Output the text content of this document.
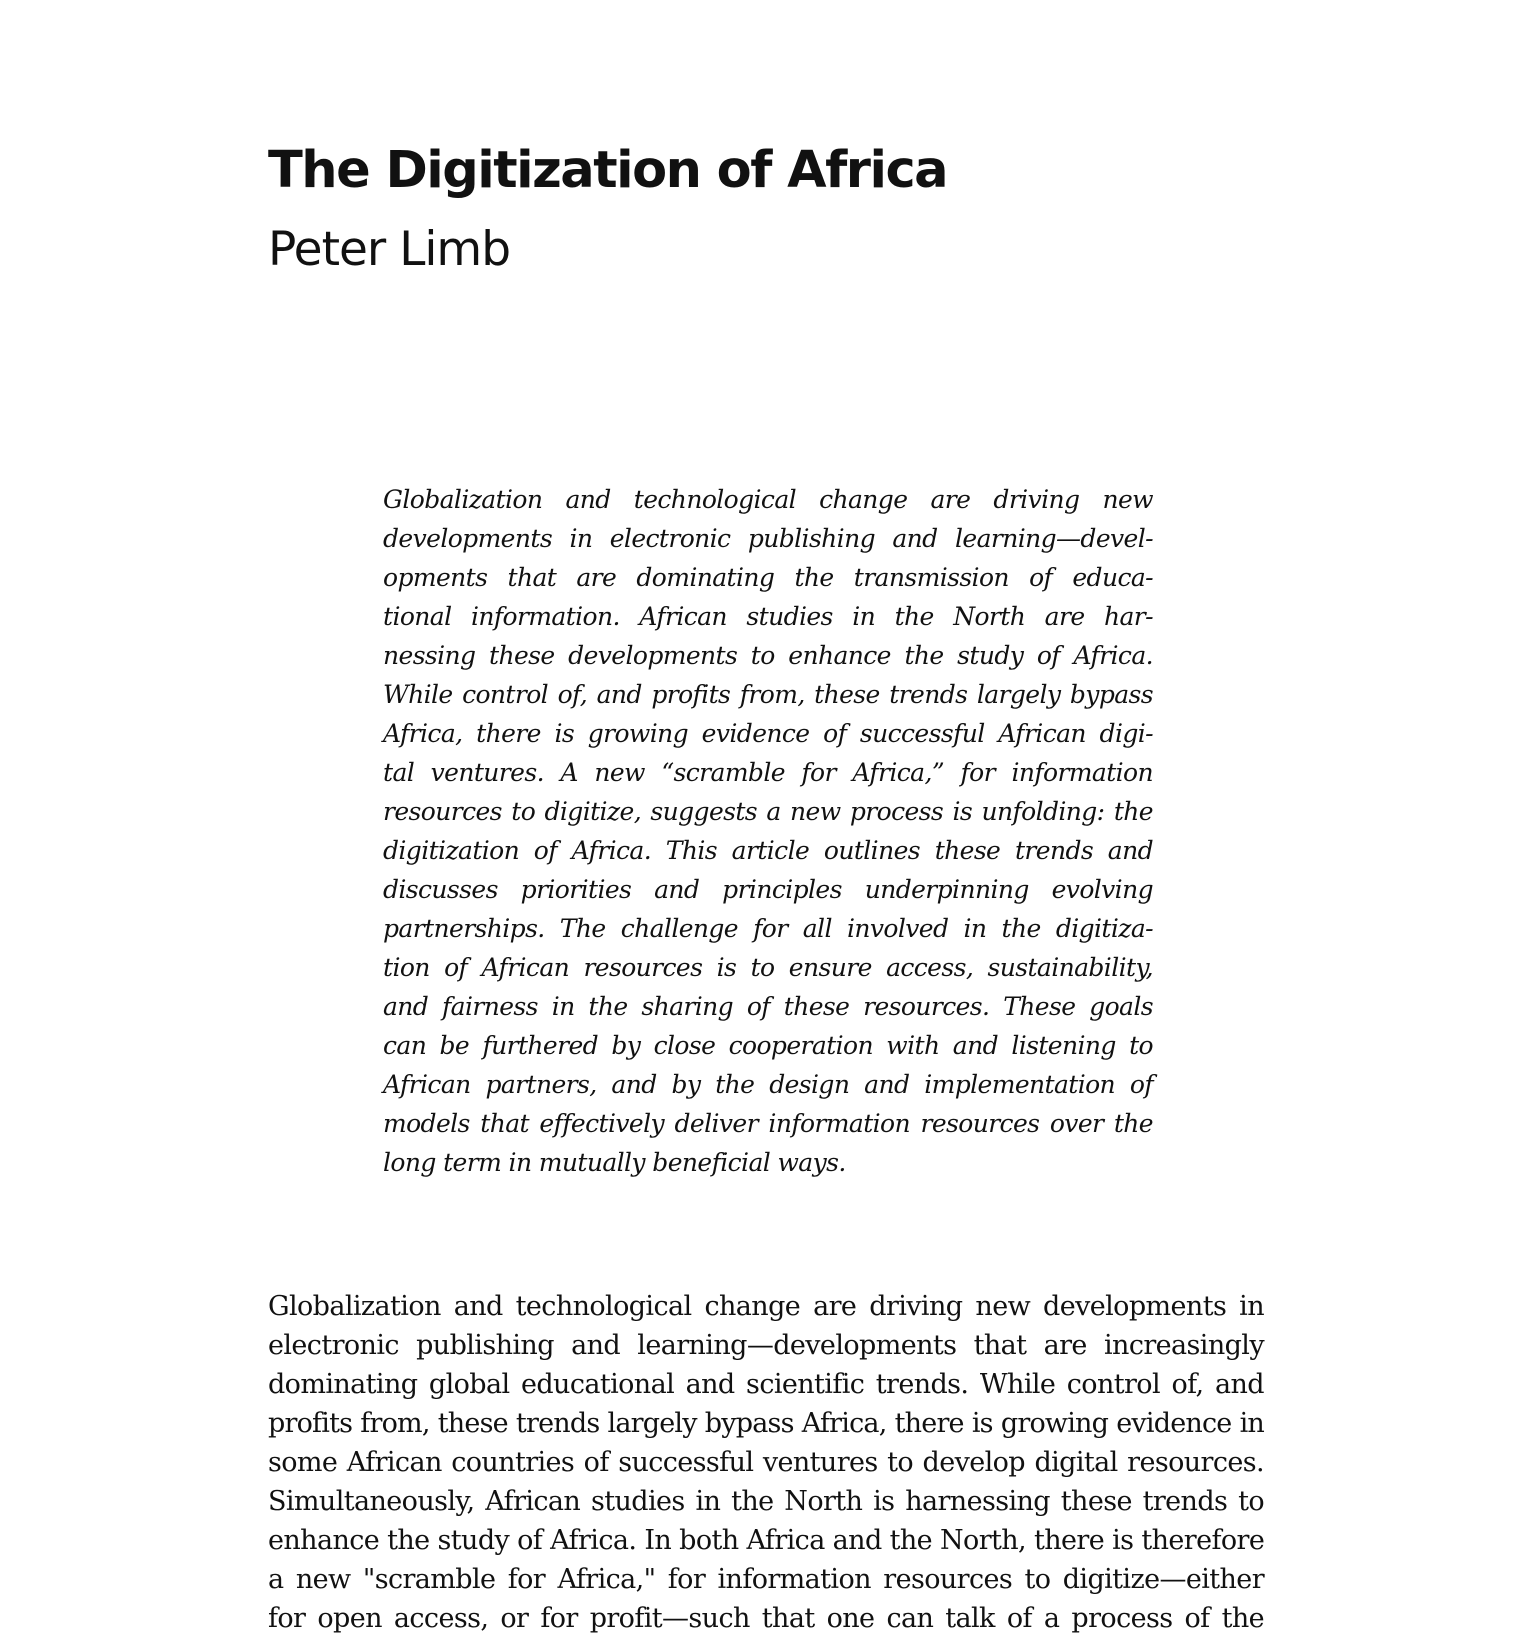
The Digitization of Africa
Peter Limb
Globalization and technological change are driving new
developments in electronic publishing and learning—devel-
opments that are dominating the transmission of educa-
tional information. African studies in the North are har-
nessing these developments to enhance the study of Africa.
While control of, and profits from, these trends largely bypass
Africa, there is growing evidence of successful African digi-
tal ventures. A new “scramble for Africa,” for information
resources to digitize, suggests a new process is unfolding: the
digitization of Africa. This article outlines these trends and
discusses priorities and principles underpinning evolving
partnerships. The challenge for all involved in the digitiza-
tion of African resources is to ensure access, sustainability,
and fairness in the sharing of these resources. These goals
can be furthered by close cooperation with and listening to
African partners, and by the design and implementation of
models that effectively deliver information resources over the
long term in mutually beneficial ways.
Globalization and technological change are driving new developments in
electronic publishing and learning—developments that are increasingly
dominating global educational and scientific trends. While control of, and
profits from, these trends largely bypass Africa, there is growing evidence in
some African countries of successful ventures to develop digital resources.
Simultaneously, African studies in the North is harnessing these trends to
enhance the study of Africa. In both Africa and the North, there is therefore
a new "scramble for Africa," for information resources to digitize—either
for open access, or for profit—such that one can talk of a process of the
